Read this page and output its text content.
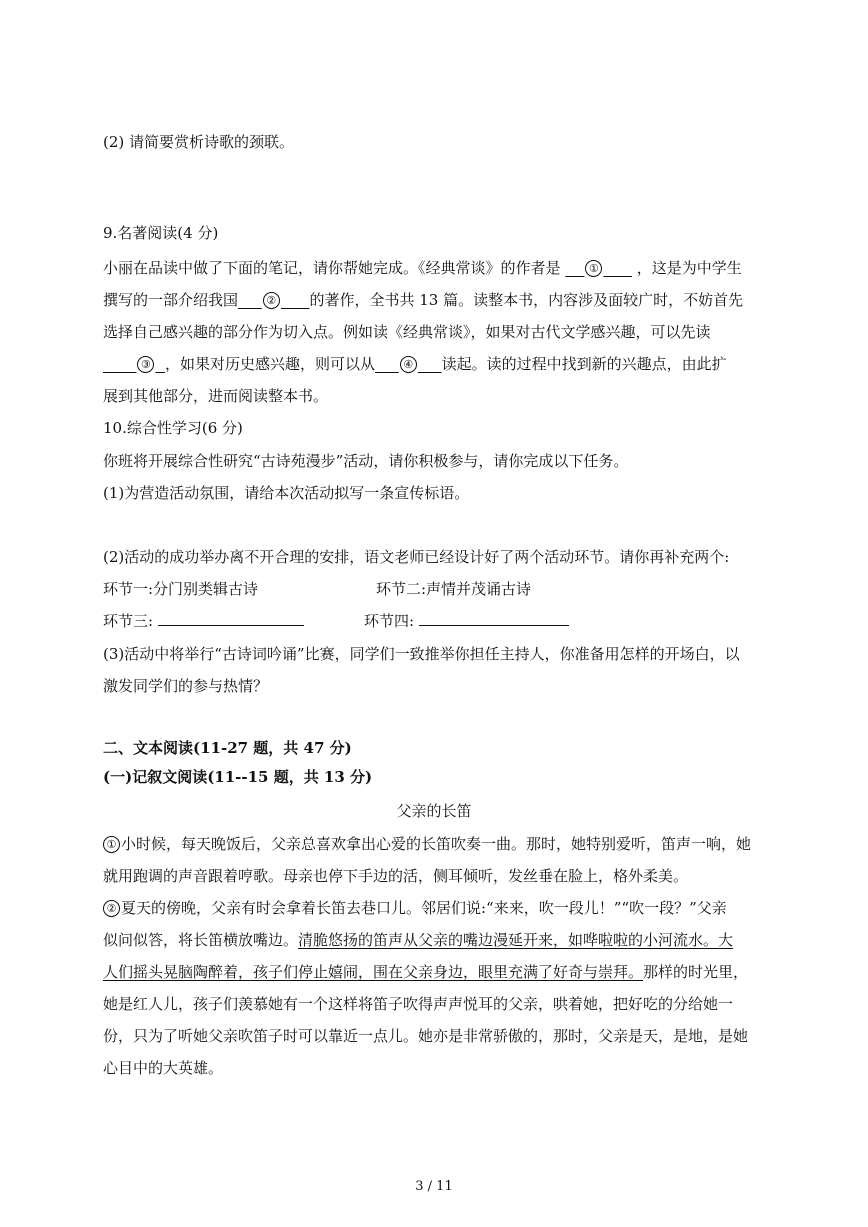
(2) 请简要赏析诗歌的颈联。
9.名著阅读(4 分)
小丽在品读中做了下面的笔记，请你帮她完成。《经典常谈》的作者是	①	，这是为中学生
撰写的一部介绍我国	② 的著作，全书共 13 篇。读整本书，内容涉及面较广时，不妨首先
选择自己感兴趣的部分作为切入点。例如读《经典常谈》，如果对古代文学感兴趣，可以先读
③ ，如果对历史感兴趣，则可以从	④ 读起。读的过程中找到新的兴趣点，由此扩
展到其他部分，进而阅读整本书。
10.综合性学习(6 分)
你班将开展综合性研究“古诗苑漫步”活动，请你积极参与，请你完成以下任务。
(1)为营造活动氛围，请给本次活动拟写一条宣传标语。
(2)活动的成功举办离不开合理的安排，语文老师已经设计好了两个活动环节。请你再补充两个:
环节一:分门别类辑古诗	环节二:声情并茂诵古诗
环节三:	环节四:
(3)活动中将举行“古诗词吟诵”比赛，同学们一致推举你担任主持人，你准备用怎样的开场白，以
激发同学们的参与热情？
二、文本阅读(11-27 题，共 47 分)
(一)记叙文阅读(11--15 题，共 13 分)
父亲的长笛
① 小时候，每天晚饭后，父亲总喜欢拿出心爱的长笛吹奏一曲。那时，她特别爱听，笛声一响，她
就用跑调的声音跟着哼歌。母亲也停下手边的活，侧耳倾听，发丝垂在脸上，格外柔美。
② 夏天的傍晚，父亲有时会拿着长笛去巷口儿。邻居们说:“来来，吹一段儿！”“吹一段？”父亲
似问似答，将长笛横放嘴边。清脆悠扬的笛声从父亲的嘴边漫延开来，如哗啦啦的小河流水。大
人们摇头晃脑陶醉着，孩子们停止嬉闹，围在父亲身边，眼里充满了好奇与崇拜。那样的时光里，
她是红人儿，孩子们羡慕她有一个这样将笛子吹得声声悦耳的父亲，哄着她，把好吃的分给她一
份，只为了听她父亲吹笛子时可以靠近一点儿。她亦是非常骄傲的，那时，父亲是天，是地，是她
心目中的大英雄。
3 / 11
